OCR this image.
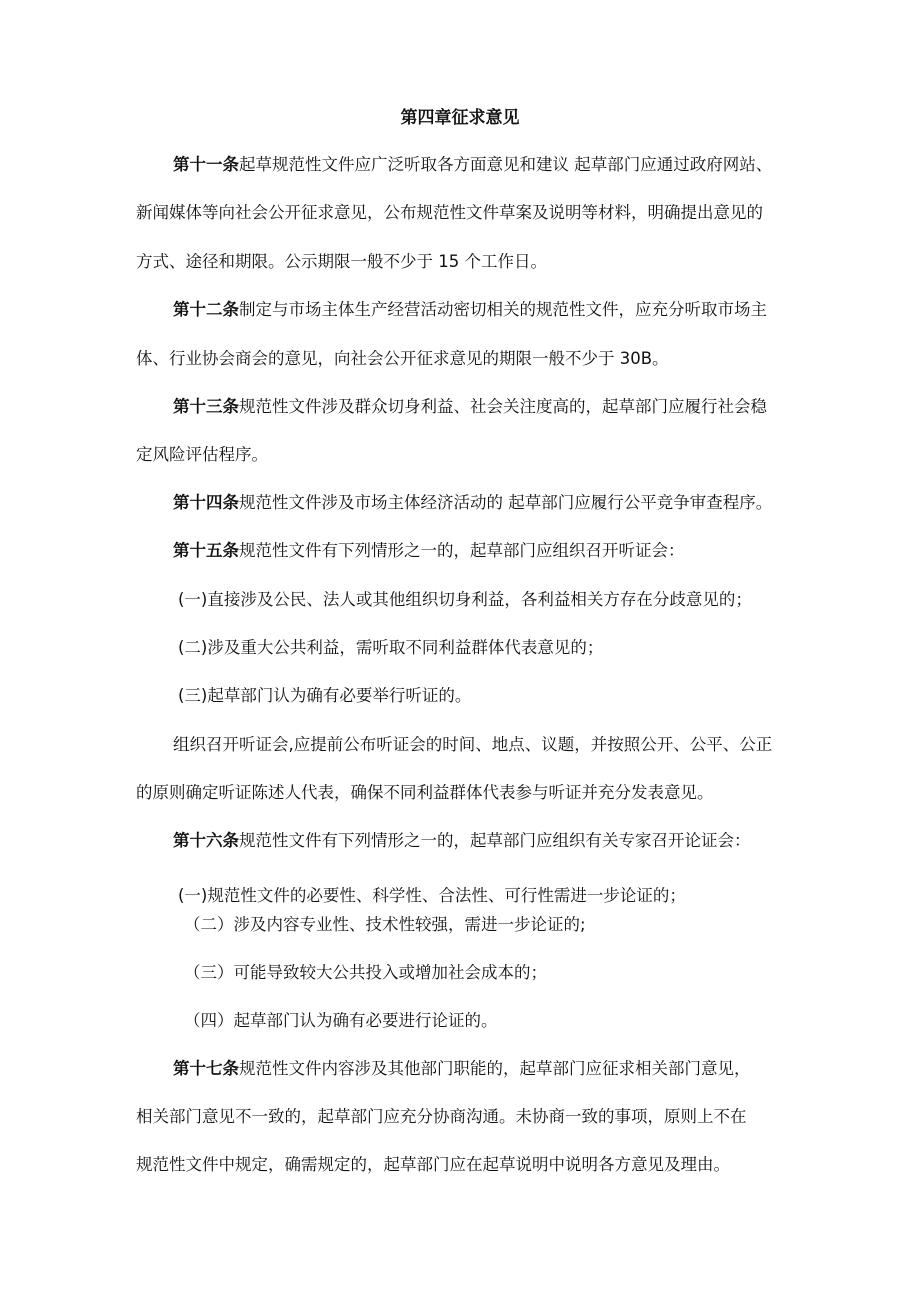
第四章征求意见
第十一条起草规范性文件应广泛听取各方面意见和建议 起草部门应通过政府网站、
新闻媒体等向社会公开征求意见，公布规范性文件草案及说明等材料，明确提出意见的
方式、途径和期限。公示期限一般不少于 15 个工作日。
第十二条制定与市场主体生产经营活动密切相关的规范性文件，应充分听取市场主
体、行业协会商会的意见，向社会公开征求意见的期限一般不少于 30B。
第十三条规范性文件涉及群众切身利益、社会关注度高的，起草部门应履行社会稳
定风险评估程序。
第十四条规范性文件涉及市场主体经济活动的 起草部门应履行公平竞争审查程序。
第十五条规范性文件有下列情形之一的，起草部门应组织召开听证会：
(一)直接涉及公民、法人或其他组织切身利益，各利益相关方存在分歧意见的；
(二)涉及重大公共利益，需听取不同利益群体代表意见的；
(三)起草部门认为确有必要举行听证的。
组织召开听证会,应提前公布听证会的时间、地点、议题，并按照公开、公平、公正
的原则确定听证陈述人代表，确保不同利益群体代表参与听证并充分发表意见。
第十六条规范性文件有下列情形之一的，起草部门应组织有关专家召开论证会：
(一)规范性文件的必要性、科学性、合法性、可行性需进一步论证的；
（二）涉及内容专业性、技术性较强，需进一步论证的;
（三）可能导致较大公共投入或增加社会成本的；
（四）起草部门认为确有必要进行论证的。
第十七条规范性文件内容涉及其他部门职能的，起草部门应征求相关部门意见，
相关部门意见不一致的，起草部门应充分协商沟通。未协商一致的事项，原则上不在
规范性文件中规定，确需规定的，起草部门应在起草说明中说明各方意见及理由。
